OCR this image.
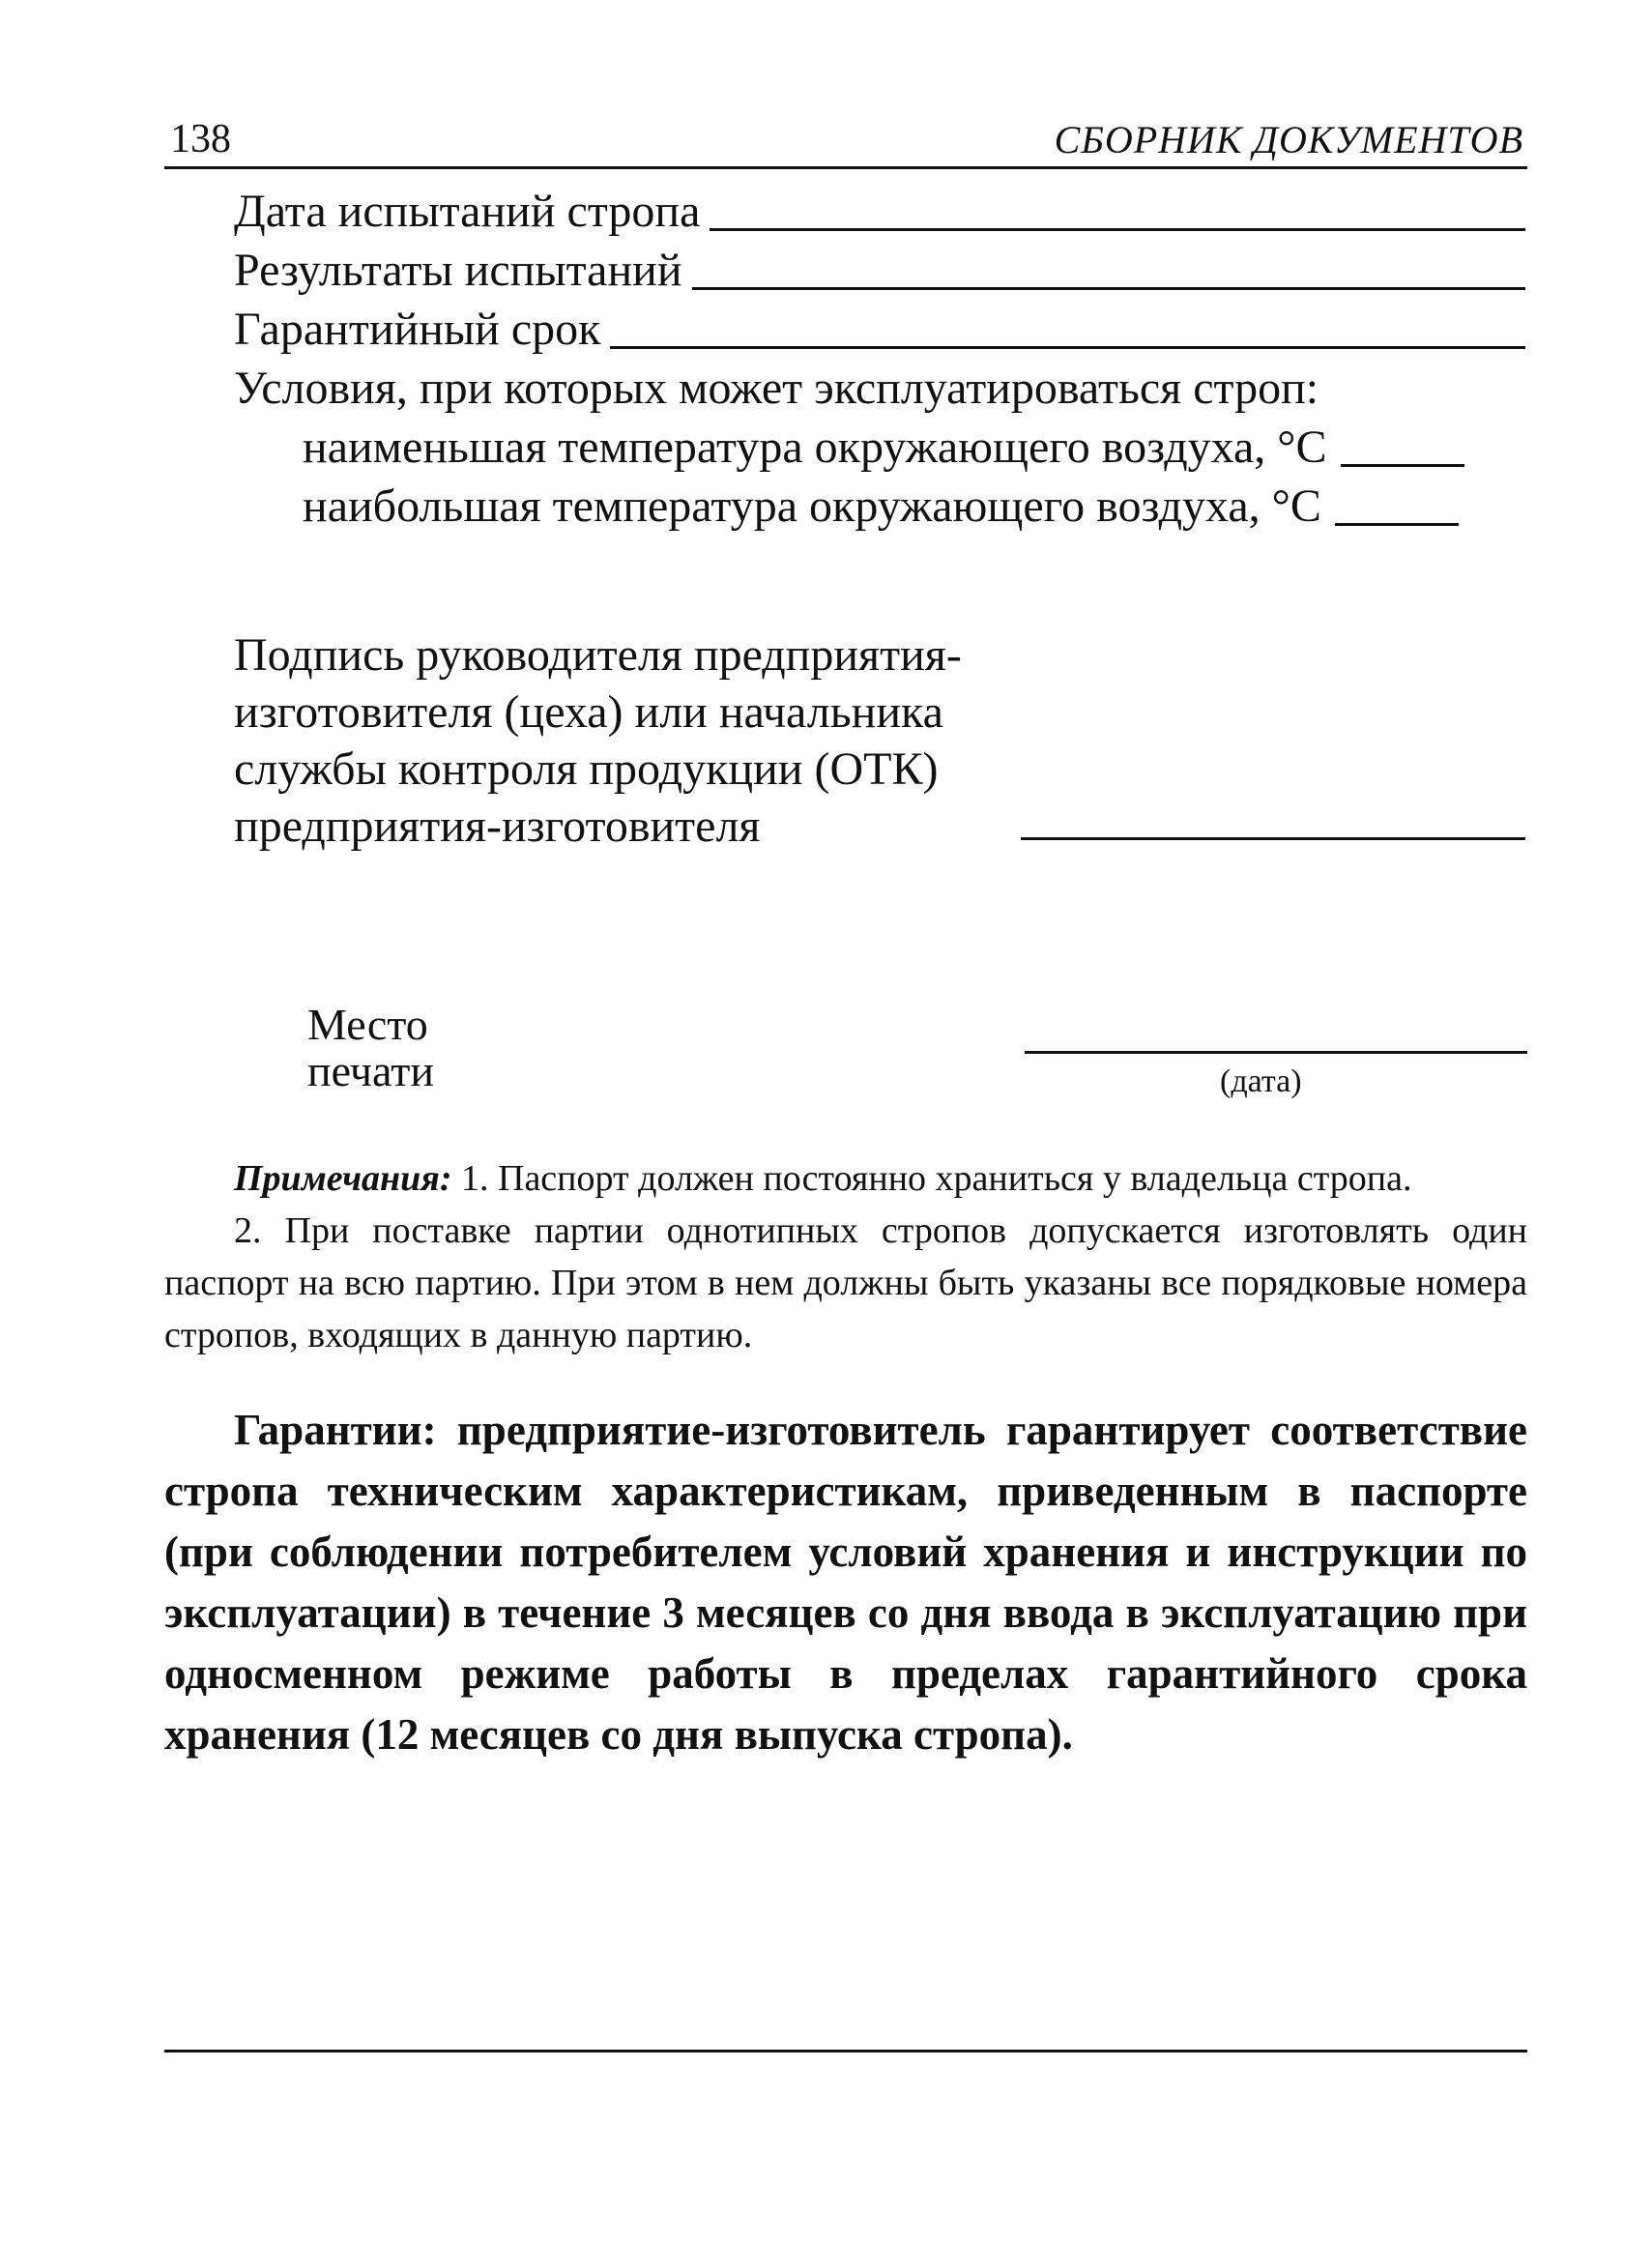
138	СБОРНИК ДОКУМЕНТОВ
Дата испытаний стропа
Результаты испытаний
Гарантийный срок
Условия, при которых может эксплуатироваться строп:
наименьшая температура окружающего воздуха, °С
наибольшая температура окружающего воздуха, °С
Подпись руководителя предприятия-
изготовителя (цеха) или начальника
службы контроля продукции (ОТК)
предприятия-изготовителя
Место
печати	(дата)

Примечания: 1. Паспорт должен постоянно храниться у владельца стропа.

2. При поставке партии однотипных стропов допускается изготовлять один паспорт на всю партию. При этом в нем должны быть указаны все порядковые номера стропов, входящих в данную партию.

Гарантии: предприятие-изготовитель гарантирует соответствие стропа техническим характеристикам, приведенным в паспорте (при соблюдении потребителем условий хранения и инструкции по эксплуатации) в течение 3 месяцев со дня ввода в эксплуатацию при односменном режиме работы в пределах гарантийного срока хранения (12 месяцев со дня выпуска стропа).
